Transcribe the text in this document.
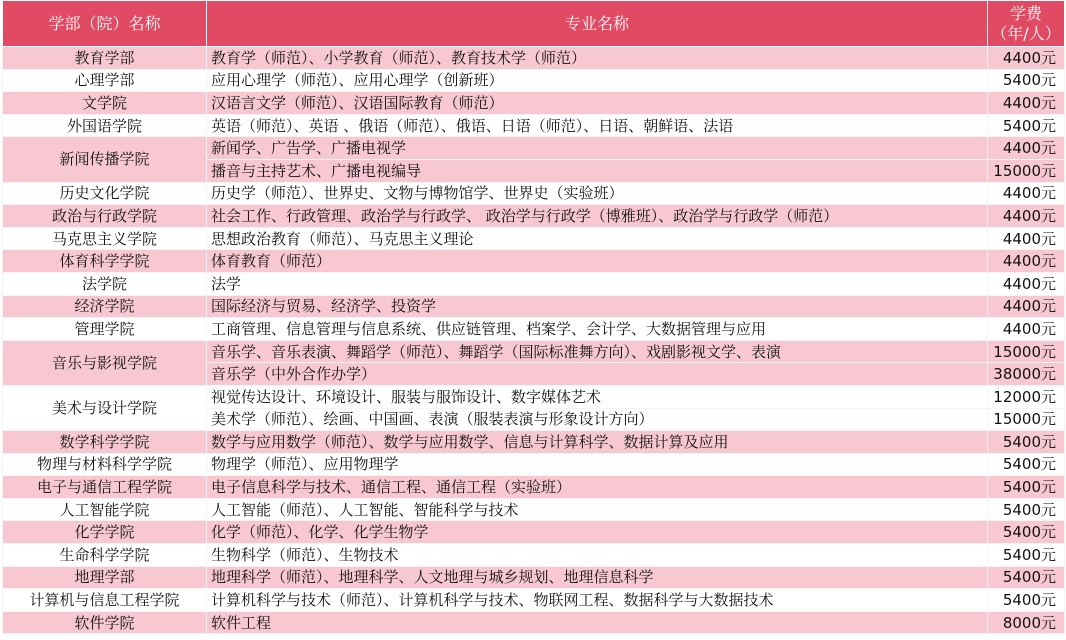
学部（院）名称	专业名称	学费
（年/人）

教育学部	教育学（师范）、小学教育（师范）、教育技术学（师范）	4400元
心理学部	应用心理学（师范）、应用心理学（创新班）	5400元
文学院	汉语言文学（师范）、汉语国际教育（师范）	4400元
外国语学院	英语（师范）、英语 、俄语（师范）、俄语、日语（师范）、日语、朝鲜语、法语	5400元
新闻传播学院	新闻学、广告学、广播电视学	4400元
	播音与主持艺术、广播电视编导	15000元
历史文化学院	历史学（师范）、世界史、文物与博物馆学、世界史（实验班）	4400元
政治与行政学院	社会工作、行政管理、政治学与行政学、 政治学与行政学（博雅班）、政治学与行政学（师范）	4400元
马克思主义学院	思想政治教育（师范）、马克思主义理论	4400元
体育科学学院	体育教育（师范）	4400元
法学院	法学	4400元
经济学院	国际经济与贸易、经济学、投资学	4400元
管理学院	工商管理、信息管理与信息系统、供应链管理、档案学、会计学、大数据管理与应用	4400元
音乐与影视学院	音乐学、音乐表演、舞蹈学（师范）、舞蹈学（国际标准舞方向）、戏剧影视文学、表演	15000元
	音乐学（中外合作办学）	38000元
美术与设计学院	视觉传达设计、环境设计、服装与服饰设计、数字媒体艺术	12000元
	美术学（师范）、绘画、中国画、表演（服装表演与形象设计方向）	15000元
数学科学学院	数学与应用数学（师范）、数学与应用数学、信息与计算科学、数据计算及应用	5400元
物理与材料科学学院	物理学（师范）、应用物理学	5400元
电子与通信工程学院	电子信息科学与技术、通信工程、通信工程（实验班）	5400元
人工智能学院	人工智能（师范）、人工智能、智能科学与技术	5400元
化学学院	化学（师范）、化学、化学生物学	5400元
生命科学学院	生物科学（师范）、生物技术	5400元
地理学部	地理科学（师范）、地理科学、人文地理与城乡规划、地理信息科学	5400元
计算机与信息工程学院	计算机科学与技术（师范）、计算机科学与技术、物联网工程、数据科学与大数据技术	5400元
软件学院	软件工程	8000元
